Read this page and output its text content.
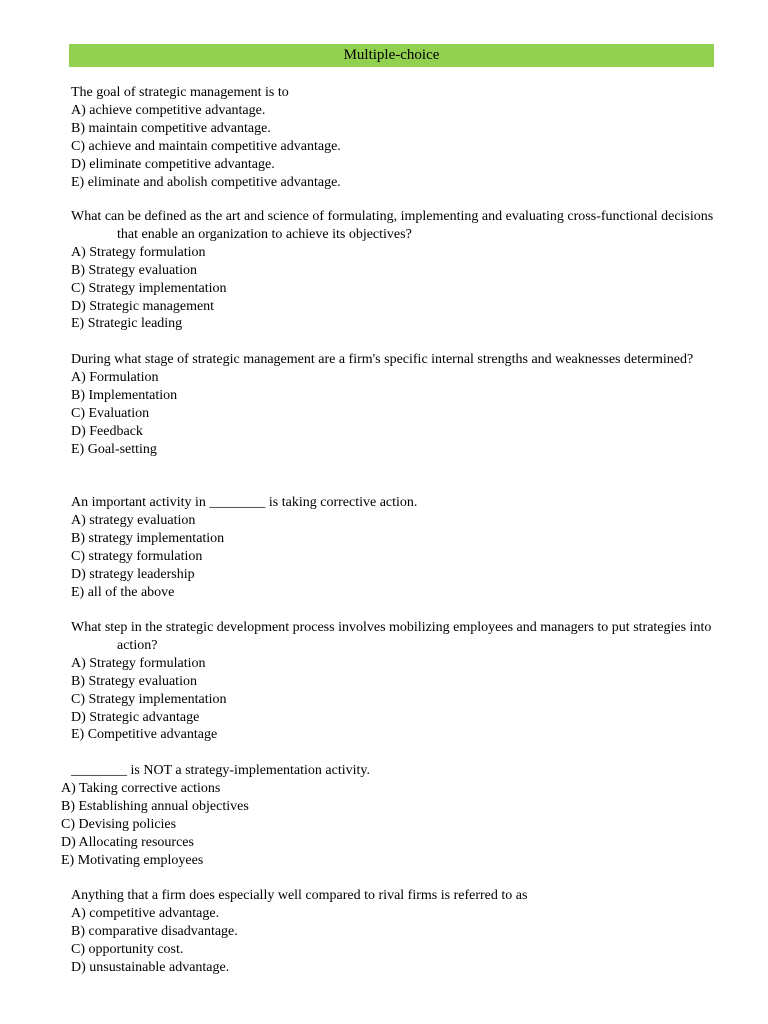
Multiple-choice
The goal of strategic management is to
A) achieve competitive advantage.
B) maintain competitive advantage.
C) achieve and maintain competitive advantage.
D) eliminate competitive advantage.
E) eliminate and abolish competitive advantage.
What can be defined as the art and science of formulating, implementing and evaluating cross-functional decisions that enable an organization to achieve its objectives?
A) Strategy formulation
B) Strategy evaluation
C) Strategy implementation
D) Strategic management
E) Strategic leading
During what stage of strategic management are a firm's specific internal strengths and weaknesses determined?
A) Formulation
B) Implementation
C) Evaluation
D) Feedback
E) Goal-setting
An important activity in ________ is taking corrective action.
A) strategy evaluation
B) strategy implementation
C) strategy formulation
D) strategy leadership
E) all of the above
What step in the strategic development process involves mobilizing employees and managers to put strategies into action?
A) Strategy formulation
B) Strategy evaluation
C) Strategy implementation
D) Strategic advantage
E) Competitive advantage
________ is NOT a strategy-implementation activity.
A) Taking corrective actions
B) Establishing annual objectives
C) Devising policies
D) Allocating resources
E) Motivating employees
Anything that a firm does especially well compared to rival firms is referred to as
A) competitive advantage.
B) comparative disadvantage.
C) opportunity cost.
D) unsustainable advantage.
